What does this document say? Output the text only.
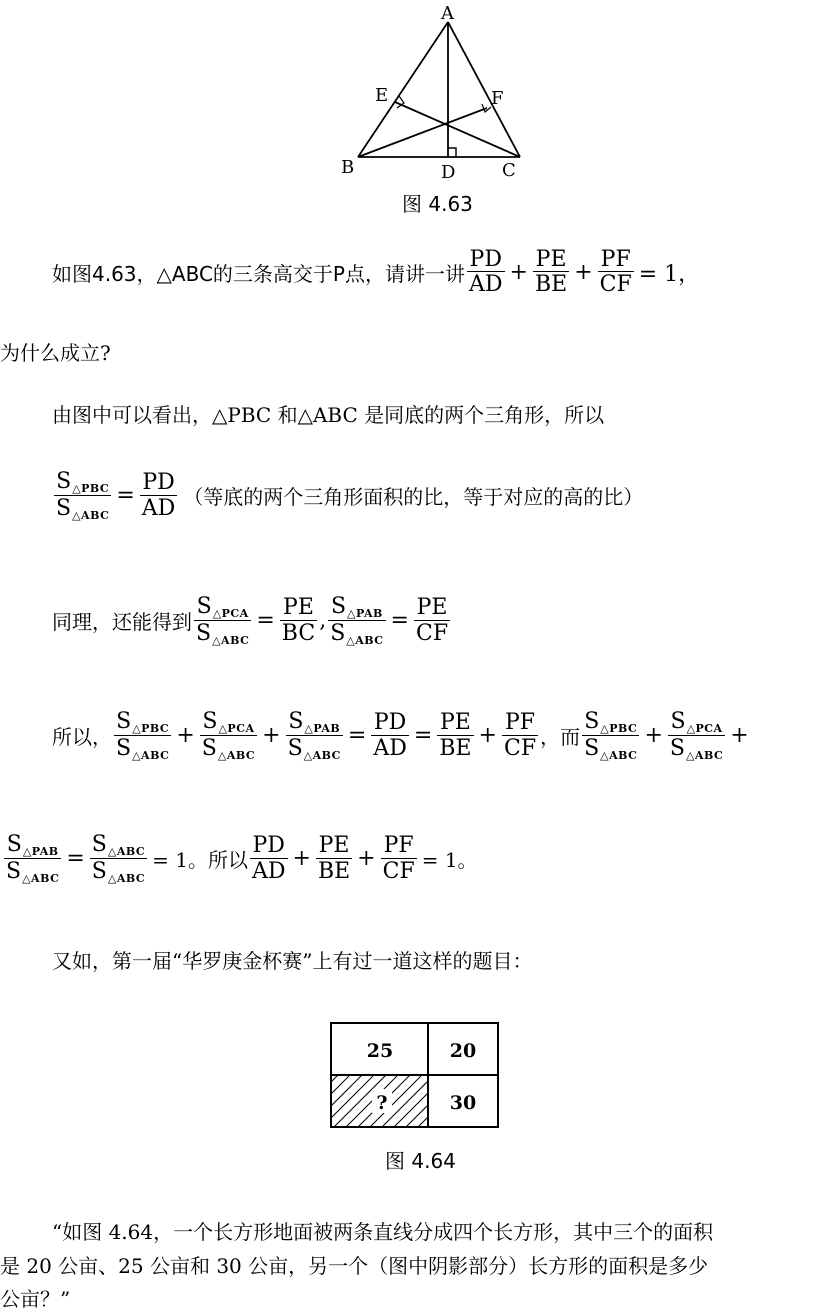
A
B	C
D
E	F
图 4.63
如图4.63，△ABC的三条高交于P点，请讲一讲
PD
AD + $\frac{PE}{BE} + \frac{PF}{CF} = 1$，
为什么成立?
由图中可以看出，△PBC 和△ABC 是同底的两个三角形，所以
$S_{\triangle PBC}$
$S_{\triangle ABC}$
= $\frac{PD}{AD}$ （等底的两个三角形面积的比，等于对应的高的比）
同理，还能得到
$S_{\triangle PCA}$
$S_{\triangle ABC}$
= $\frac{PE}{BC}$ ,
$S_{\triangle PAB}$
$S_{\triangle ABC}$
= $\frac{PE}{CF}$
所以，
$S_{\triangle PBC}$
$S_{\triangle ABC}$
+
$S_{\triangle PCA}$
$S_{\triangle ABC}$
+
$S_{\triangle PAB}$
$S_{\triangle ABC}$
= $\frac{PD}{AD} = \frac{PE}{BE} + \frac{PF}{CF}$ ，而
$S_{\triangle PBC}$
$S_{\triangle ABC}$
+
$S_{\triangle PCA}$
$S_{\triangle ABC}$
+
$S_{\triangle PAB}$
$S_{\triangle ABC}$
=
$S_{\triangle ABC}$
$S_{\triangle ABC}$
= 1。所以
PD
AD + $\frac{PE}{BE} + \frac{PF}{CF} = 1$。
又如，第一届“华罗庚金杯赛”上有过一道这样的题目：
25	20
?	30
图 4.64
“如图 4.64，一个长方形地面被两条直线分成四个长方形，其中三个的面积
是 20 公亩、25 公亩和 30 公亩，另一个（图中阴影部分）长方形的面积是多少
公亩？”
